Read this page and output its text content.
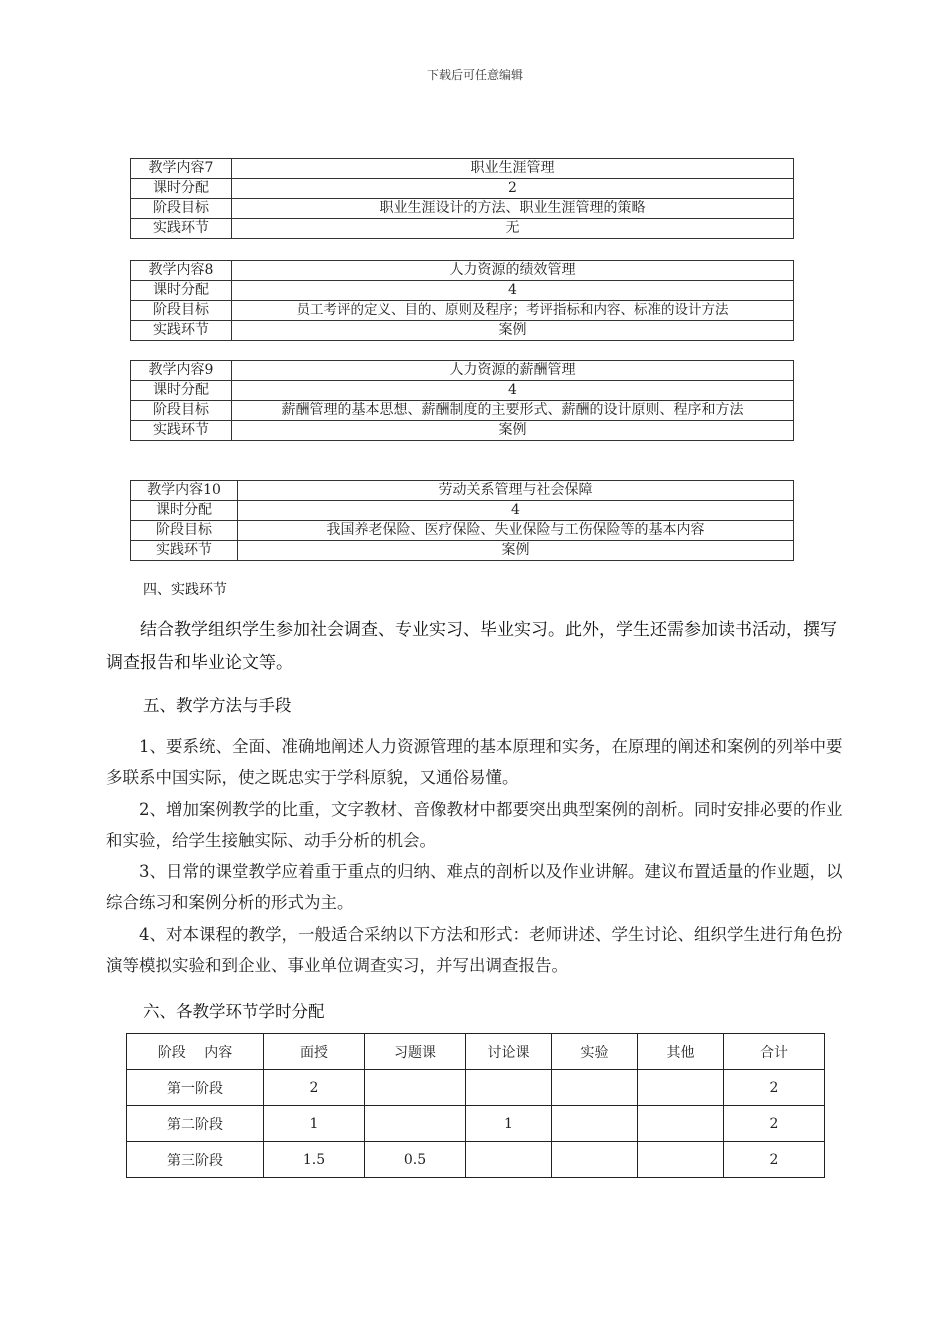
下载后可任意编辑
教学内容7	职业生涯管理
课时分配	2
阶段目标	职业生涯设计的方法、职业生涯管理的策略
实践环节	无
教学内容8	人力资源的绩效管理
课时分配	4
阶段目标	员工考评的定义、目的、原则及程序；考评指标和内容、标准的设计方法
实践环节	案例
教学内容9	人力资源的薪酬管理
课时分配	4
阶段目标	薪酬管理的基本思想、薪酬制度的主要形式、薪酬的设计原则、程序和方法
实践环节	案例
教学内容10	劳动关系管理与社会保障
课时分配	4
阶段目标	我国养老保险、医疗保险、失业保险与工伤保险等的基本内容
实践环节	案例
四、实践环节
结合教学组织学生参加社会调查、专业实习、毕业实习。此外，学生还需参加读书活动，撰写调查报告和毕业论文等。
五、教学方法与手段
1、要系统、全面、准确地阐述人力资源管理的基本原理和实务，在原理的阐述和案例的列举中要多联系中国实际，使之既忠实于学科原貌，又通俗易懂。
2、增加案例教学的比重，文字教材、音像教材中都要突出典型案例的剖析。同时安排必要的作业和实验，给学生接触实际、动手分析的机会。
3、日常的课堂教学应着重于重点的归纳、难点的剖析以及作业讲解。建议布置适量的作业题，以综合练习和案例分析的形式为主。
4、对本课程的教学，一般适合采纳以下方法和形式：老师讲述、学生讨论、组织学生进行角色扮演等模拟实验和到企业、事业单位调查实习，并写出调查报告。
六、各教学环节学时分配
阶段　 内容	面授	习题课	讨论课	实验	其他	合计
第一阶段	2					2
第二阶段	1		1			2
第三阶段	1.5	0.5				2
